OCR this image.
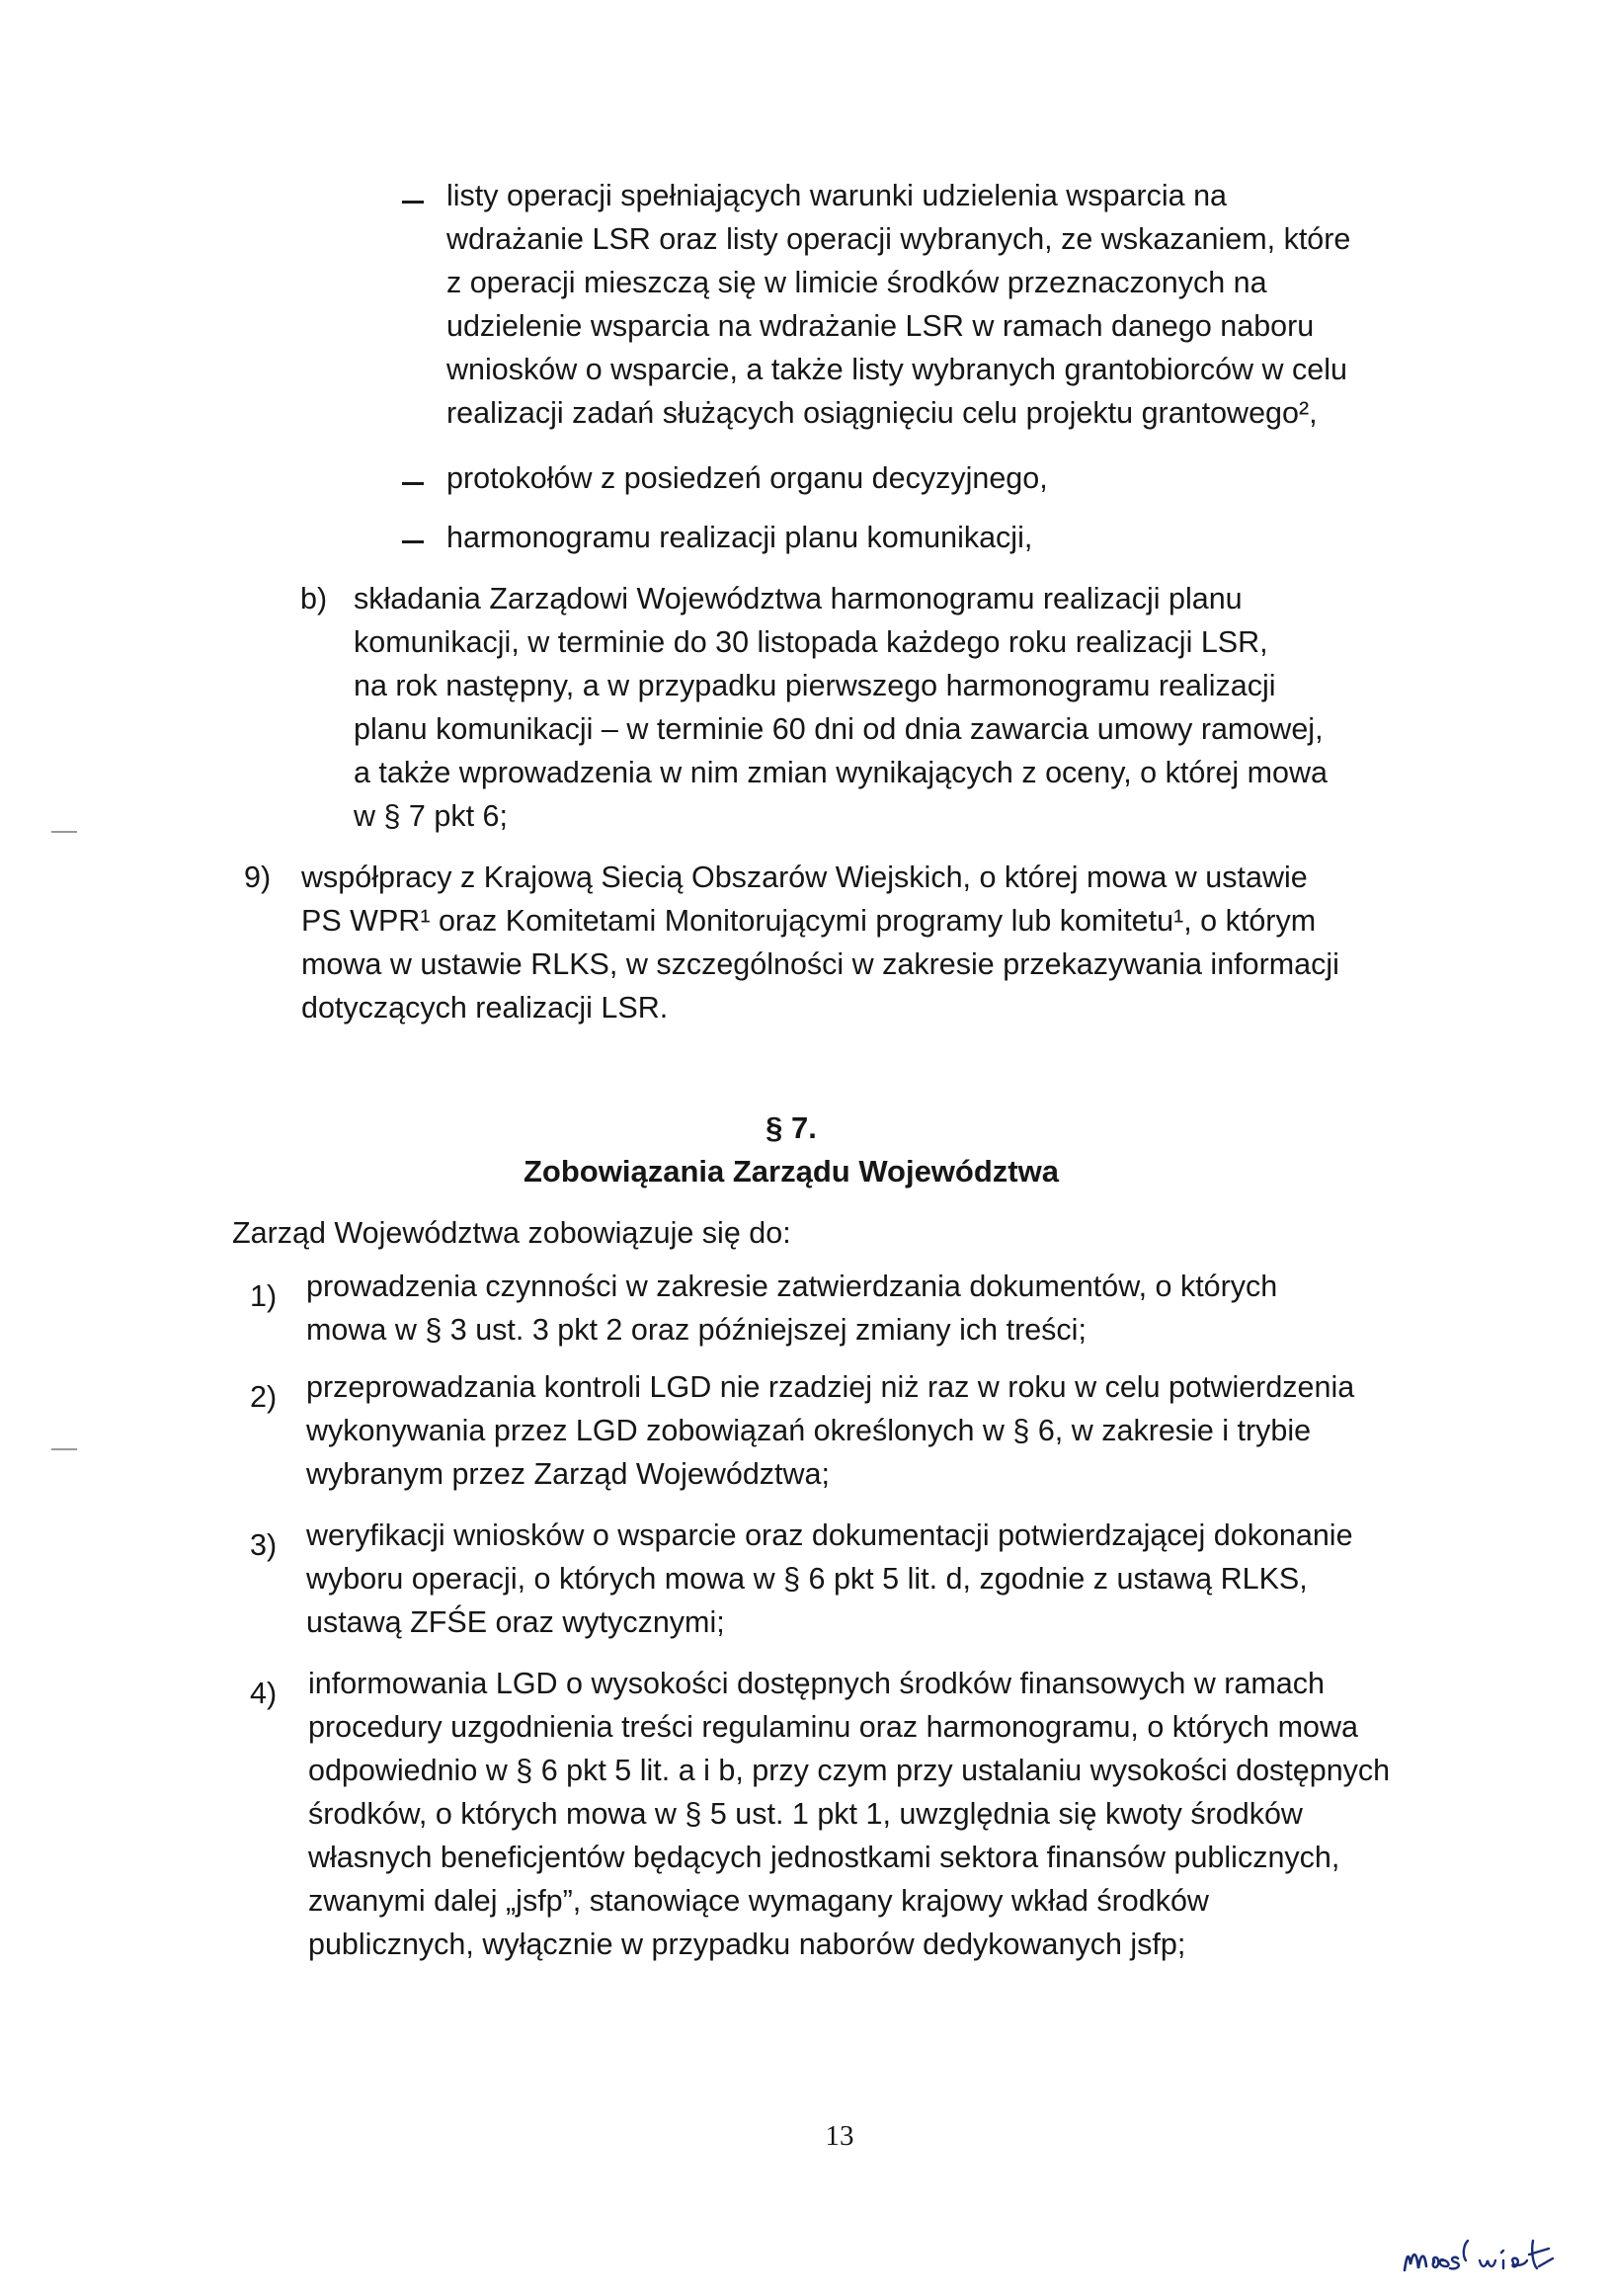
listy operacji spełniających warunki udzielenia wsparcia na
wdrażanie LSR oraz listy operacji wybranych, ze wskazaniem, które
z operacji mieszczą się w limicie środków przeznaczonych na
udzielenie wsparcia na wdrażanie LSR w ramach danego naboru
wniosków o wsparcie, a także listy wybranych grantobiorców w celu
realizacji zadań służących osiągnięciu celu projektu grantowego²,
protokołów z posiedzeń organu decyzyjnego,
harmonogramu realizacji planu komunikacji,
b) składania Zarządowi Województwa harmonogramu realizacji planu
komunikacji, w terminie do 30 listopada każdego roku realizacji LSR,
na rok następny, a w przypadku pierwszego harmonogramu realizacji
planu komunikacji – w terminie 60 dni od dnia zawarcia umowy ramowej,
a także wprowadzenia w nim zmian wynikających z oceny, o której mowa
w § 7 pkt 6;
9) współpracy z Krajową Siecią Obszarów Wiejskich, o której mowa w ustawie
PS WPR¹ oraz Komitetami Monitorującymi programy lub komitetu¹, o którym
mowa w ustawie RLKS, w szczególności w zakresie przekazywania informacji
dotyczących realizacji LSR.
§ 7.
Zobowiązania Zarządu Województwa
Zarząd Województwa zobowiązuje się do:
1) prowadzenia czynności w zakresie zatwierdzania dokumentów, o których
mowa w § 3 ust. 3 pkt 2 oraz późniejszej zmiany ich treści;
2) przeprowadzania kontroli LGD nie rzadziej niż raz w roku w celu potwierdzenia
wykonywania przez LGD zobowiązań określonych w § 6, w zakresie i trybie
wybranym przez Zarząd Województwa;
3) weryfikacji wniosków o wsparcie oraz dokumentacji potwierdzającej dokonanie
wyboru operacji, o których mowa w § 6 pkt 5 lit. d, zgodnie z ustawą RLKS,
ustawą ZFŚE oraz wytycznymi;
4) informowania LGD o wysokości dostępnych środków finansowych w ramach
procedury uzgodnienia treści regulaminu oraz harmonogramu, o których mowa
odpowiednio w § 6 pkt 5 lit. a i b, przy czym przy ustalaniu wysokości dostępnych
środków, o których mowa w § 5 ust. 1 pkt 1, uwzględnia się kwoty środków
własnych beneficjentów będących jednostkami sektora finansów publicznych,
zwanymi dalej „jsfp”, stanowiące wymagany krajowy wkład środków
publicznych, wyłącznie w przypadku naborów dedykowanych jsfp;
13
